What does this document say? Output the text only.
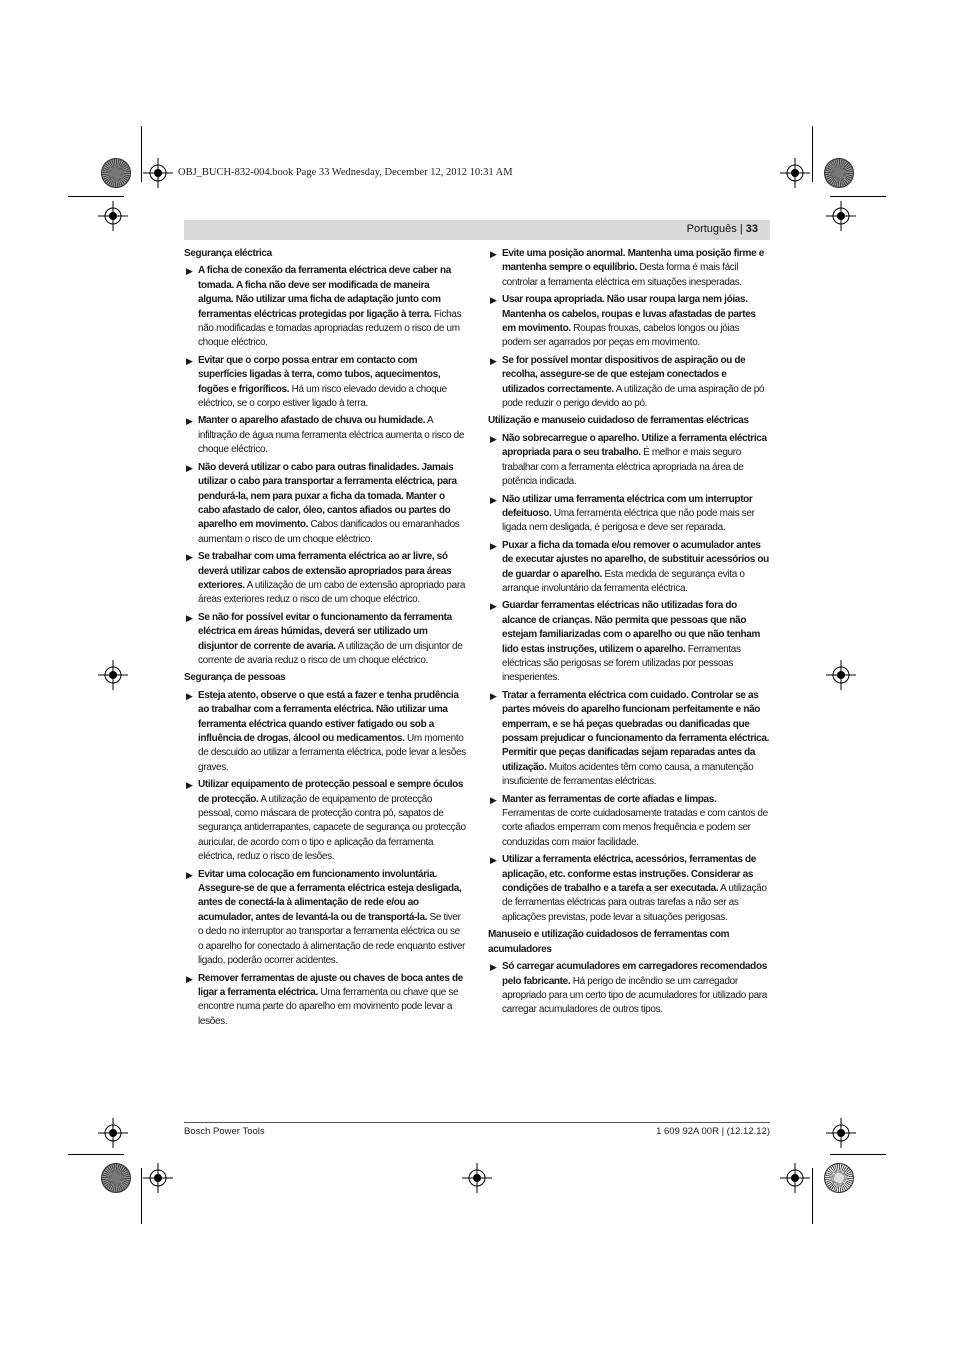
OBJ_BUCH-832-004.book Page 33 Wednesday, December 12, 2012 10:31 AM
Português | 33
Segurança eléctrica
▶ A ficha de conexão da ferramenta eléctrica deve caber na tomada. A ficha não deve ser modificada de maneira alguma. Não utilizar uma ficha de adaptação junto com ferramentas eléctricas protegidas por ligação à terra. Fichas não modificadas e tomadas apropriadas reduzem o risco de um choque eléctrico.
▶ Evitar que o corpo possa entrar em contacto com superfícies ligadas à terra, como tubos, aquecimentos, fogões e frigoríficos. Há um risco elevado devido a choque eléctrico, se o corpo estiver ligado à terra.
▶ Manter o aparelho afastado de chuva ou humidade. A infiltração de água numa ferramenta eléctrica aumenta o risco de choque eléctrico.
▶ Não deverá utilizar o cabo para outras finalidades. Jamais utilizar o cabo para transportar a ferramenta eléctrica, para pendurá-la, nem para puxar a ficha da tomada. Manter o cabo afastado de calor, óleo, cantos afiados ou partes do aparelho em movimento. Cabos danificados ou emaranhados aumentam o risco de um choque eléctrico.
▶ Se trabalhar com uma ferramenta eléctrica ao ar livre, só deverá utilizar cabos de extensão apropriados para áreas exteriores. A utilização de um cabo de extensão apropriado para áreas exteriores reduz o risco de um choque eléctrico.
▶ Se não for possível evitar o funcionamento da ferramenta eléctrica em áreas húmidas, deverá ser utilizado um disjuntor de corrente de avaria. A utilização de um disjuntor de corrente de avaria reduz o risco de um choque eléctrico.
Segurança de pessoas
▶ Esteja atento, observe o que está a fazer e tenha prudência ao trabalhar com a ferramenta eléctrica. Não utilizar uma ferramenta eléctrica quando estiver fatigado ou sob a influência de drogas, álcool ou medicamentos. Um momento de descuido ao utilizar a ferramenta eléctrica, pode levar a lesões graves.
▶ Utilizar equipamento de protecção pessoal e sempre óculos de protecção. A utilização de equipamento de protecção pessoal, como máscara de protecção contra pó, sapatos de segurança antiderrapantes, capacete de segurança ou protecção auricular, de acordo com o tipo e aplicação da ferramenta eléctrica, reduz o risco de lesões.
▶ Evitar uma colocação em funcionamento involuntária. Assegure-se de que a ferramenta eléctrica esteja desligada, antes de conectá-la à alimentação de rede e/ou ao acumulador, antes de levantá-la ou de transportá-la. Se tiver o dedo no interruptor ao transportar a ferramenta eléctrica ou se o aparelho for conectado à alimentação de rede enquanto estiver ligado, poderão ocorrer acidentes.
▶ Remover ferramentas de ajuste ou chaves de boca antes de ligar a ferramenta eléctrica. Uma ferramenta ou chave que se encontre numa parte do aparelho em movimento pode levar a lesões.
▶ Evite uma posição anormal. Mantenha uma posição firme e mantenha sempre o equilíbrio. Desta forma é mais fácil controlar a ferramenta eléctrica em situações inesperadas.
▶ Usar roupa apropriada. Não usar roupa larga nem jóias. Mantenha os cabelos, roupas e luvas afastadas de partes em movimento. Roupas frouxas, cabelos longos ou jóias podem ser agarrados por peças em movimento.
▶ Se for possível montar dispositivos de aspiração ou de recolha, assegure-se de que estejam conectados e utilizados correctamente. A utilização de uma aspiração de pó pode reduzir o perigo devido ao pó.
Utilização e manuseio cuidadoso de ferramentas eléctricas
▶ Não sobrecarregue o aparelho. Utilize a ferramenta eléctrica apropriada para o seu trabalho. É melhor e mais seguro trabalhar com a ferramenta eléctrica apropriada na área de potência indicada.
▶ Não utilizar uma ferramenta eléctrica com um interruptor defeituoso. Uma ferramenta eléctrica que não pode mais ser ligada nem desligada, é perigosa e deve ser reparada.
▶ Puxar a ficha da tomada e/ou remover o acumulador antes de executar ajustes no aparelho, de substituir acessórios ou de guardar o aparelho. Esta medida de segurança evita o arranque involuntário da ferramenta eléctrica.
▶ Guardar ferramentas eléctricas não utilizadas fora do alcance de crianças. Não permita que pessoas que não estejam familiarizadas com o aparelho ou que não tenham lido estas instruções, utilizem o aparelho. Ferramentas eléctricas são perigosas se forem utilizadas por pessoas inesperientes.
▶ Tratar a ferramenta eléctrica com cuidado. Controlar se as partes móveis do aparelho funcionam perfeitamente e não emperram, e se há peças quebradas ou danificadas que possam prejudicar o funcionamento da ferramenta eléctrica. Permitir que peças danificadas sejam reparadas antes da utilização. Muitos acidentes têm como causa, a manutenção insuficiente de ferramentas eléctricas.
▶ Manter as ferramentas de corte afiadas e limpas. Ferramentas de corte cuidadosamente tratadas e com cantos de corte afiados emperram com menos frequência e podem ser conduzidas com maior facilidade.
▶ Utilizar a ferramenta eléctrica, acessórios, ferramentas de aplicação, etc. conforme estas instruções. Considerar as condições de trabalho e a tarefa a ser executada. A utilização de ferramentas eléctricas para outras tarefas a não ser as aplicações previstas, pode levar a situações perigosas.
Manuseio e utilização cuidadosos de ferramentas com acumuladores
▶ Só carregar acumuladores em carregadores recomendados pelo fabricante. Há perigo de incêndio se um carregador apropriado para um certo tipo de acumuladores for utilizado para carregar acumuladores de outros tipos.
Bosch Power Tools	1 609 92A 00R | (12.12.12)
